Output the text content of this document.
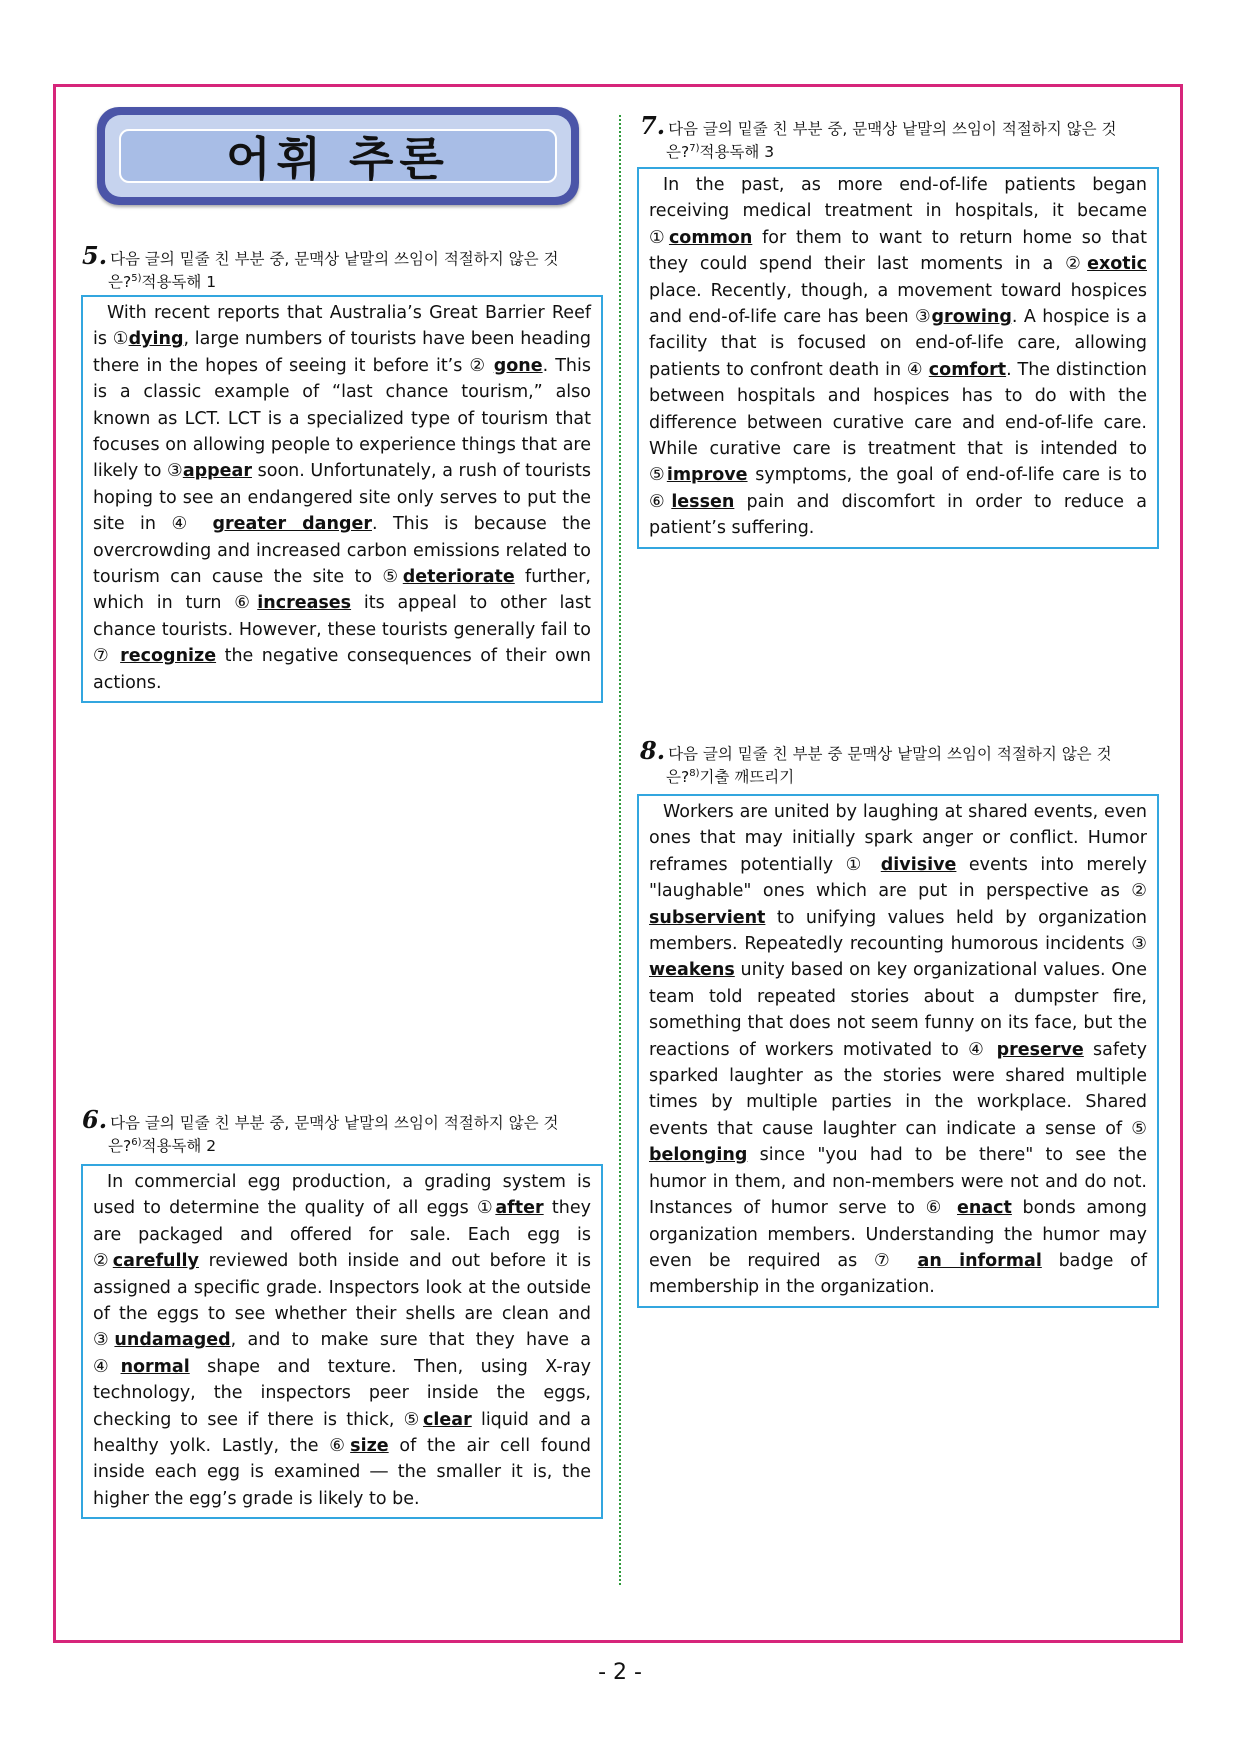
어휘 추론
5. 다음 글의 밑줄 친 부분 중, 문맥상 낱말의 쓰임이 적절하지 않은 것
은?$^{5)}$적용독해 1
With recent reports that Australia’s Great Barrier Reef is ①dying, large numbers of tourists have been heading there in the hopes of seeing it before it’s ② gone. This is a classic example of “last chance tourism,” also known as LCT. LCT is a specialized type of tourism that focuses on allowing people to experience things that are likely to ③appear soon. Unfortunately, a rush of tourists hoping to see an endangered site only serves to put the site in ④ greater danger. This is because the overcrowding and increased carbon emissions related to tourism can cause the site to ⑤deteriorate further, which in turn ⑥increases its appeal to other last chance tourists. However, these tourists generally fail to ⑦ recognize the negative consequences of their own actions.
6. 다음 글의 밑줄 친 부분 중, 문맥상 낱말의 쓰임이 적절하지 않은 것
은?$^{6)}$적용독해 2
In commercial egg production, a grading system is used to determine the quality of all eggs ①after they are packaged and offered for sale. Each egg is ②carefully reviewed both inside and out before it is assigned a specific grade. Inspectors look at the outside of the eggs to see whether their shells are clean and ③undamaged, and to make sure that they have a ④normal shape and texture. Then, using X-ray technology, the inspectors peer inside the eggs, checking to see if there is thick, ⑤clear liquid and a healthy yolk. Lastly, the ⑥size of the air cell found inside each egg is examined ― the smaller it is, the higher the egg’s grade is likely to be.
7. 다음 글의 밑줄 친 부분 중, 문맥상 낱말의 쓰임이 적절하지 않은 것
은?$^{7)}$적용독해 3
In the past, as more end-of-life patients began receiving medical treatment in hospitals, it became ①common for them to want to return home so that they could spend their last moments in a ②exotic place. Recently, though, a movement toward hospices and end-of-life care has been ③growing. A hospice is a facility that is focused on end-of-life care, allowing patients to confront death in ④ comfort. The distinction between hospitals and hospices has to do with the difference between curative care and end-of-life care. While curative care is treatment that is intended to ⑤improve symptoms, the goal of end-of-life care is to ⑥lessen pain and discomfort in order to reduce a patient’s suffering.
8. 다음 글의 밑줄 친 부분 중 문맥상 낱말의 쓰임이 적절하지 않은 것
은?$^{8)}$기출 깨뜨리기
Workers are united by laughing at shared events, even ones that may initially spark anger or conflict. Humor reframes potentially ① divisive events into merely "laughable" ones which are put in perspective as ② subservient to unifying values held by organization members. Repeatedly recounting humorous incidents ③ weakens unity based on key organizational values. One team told repeated stories about a dumpster fire, something that does not seem funny on its face, but the reactions of workers motivated to ④ preserve safety sparked laughter as the stories were shared multiple times by multiple parties in the workplace. Shared events that cause laughter can indicate a sense of ⑤ belonging since "you had to be there" to see the humor in them, and non-members were not and do not. Instances of humor serve to ⑥ enact bonds among organization members. Understanding the humor may even be required as ⑦ an informal badge of membership in the organization.
- 2 -
